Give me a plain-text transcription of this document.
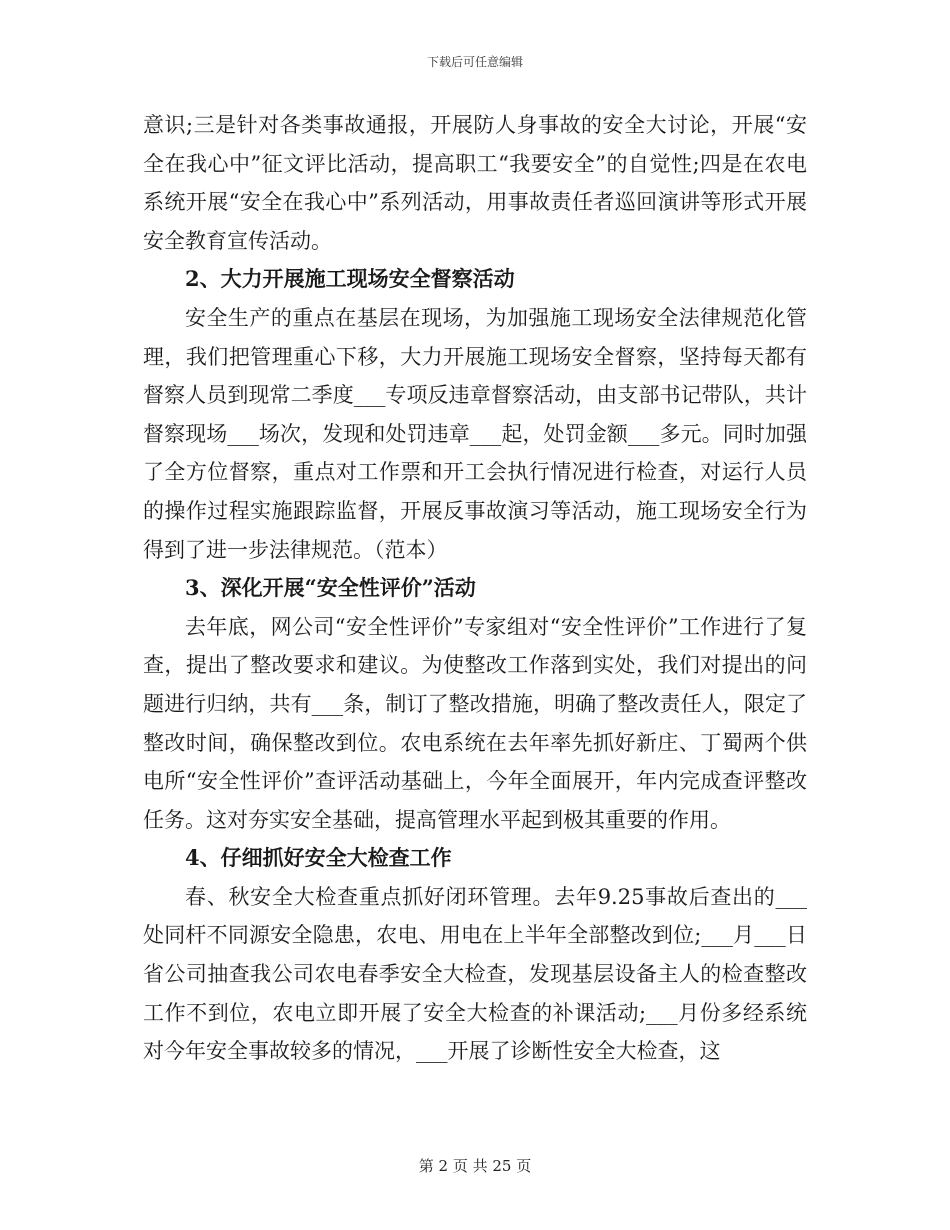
下载后可任意编辑

意识;三是针对各类事故通报，开展防人身事故的安全大讨论，开展“安全在我心中”征文评比活动，提高职工“我要安全”的自觉性;四是在农电系统开展“安全在我心中”系列活动，用事故责任者巡回演讲等形式开展安全教育宣传活动。

2、大力开展施工现场安全督察活动

安全生产的重点在基层在现场，为加强施工现场安全法律规范化管理，我们把管理重心下移，大力开展施工现场安全督察，坚持每天都有督察人员到现常二季度___专项反违章督察活动，由支部书记带队，共计督察现场___场次，发现和处罚违章___起，处罚金额___多元。同时加强了全方位督察，重点对工作票和开工会执行情况进行检查，对运行人员的操作过程实施跟踪监督，开展反事故演习等活动，施工现场安全行为得到了进一步法律规范。（范本）

3、深化开展“安全性评价”活动

去年底，网公司“安全性评价”专家组对“安全性评价”工作进行了复查，提出了整改要求和建议。为使整改工作落到实处，我们对提出的问题进行归纳，共有___条，制订了整改措施，明确了整改责任人，限定了整改时间，确保整改到位。农电系统在去年率先抓好新庄、丁蜀两个供电所“安全性评价”查评活动基础上，今年全面展开，年内完成查评整改任务。这对夯实安全基础，提高管理水平起到极其重要的作用。

4、仔细抓好安全大检查工作

春、秋安全大检查重点抓好闭环管理。去年9.25事故后查出的___处同杆不同源安全隐患，农电、用电在上半年全部整改到位;___月___日省公司抽查我公司农电春季安全大检查，发现基层设备主人的检查整改工作不到位，农电立即开展了安全大检查的补课活动;___月份多经系统对今年安全事故较多的情况，___开展了诊断性安全大检查，这

第 2 页 共 25 页
